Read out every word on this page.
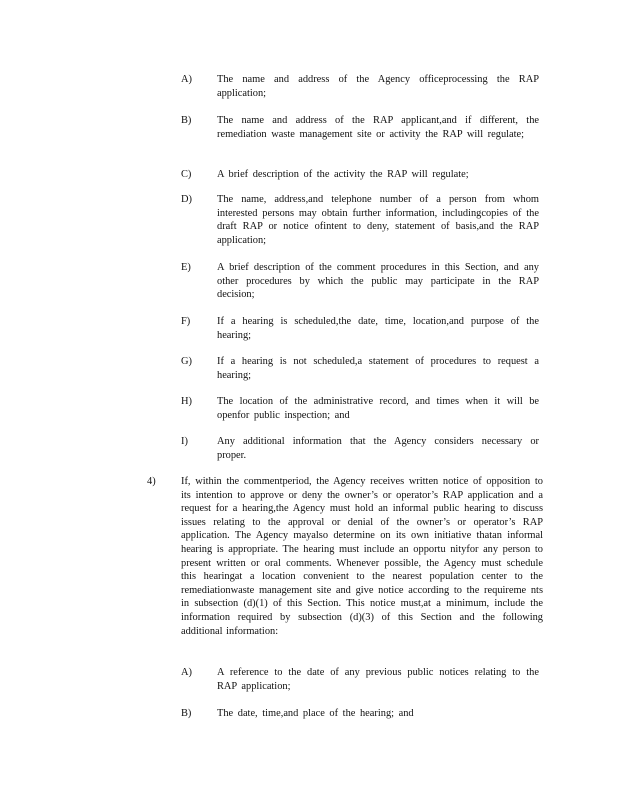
A)	The name and address of the Agency officeprocessing the RAP application;
B)	The name and address of the RAP applicant,and if different, the remediation waste management site or activity the RAP will regulate;
C)	A brief description of the activity the RAP will regulate;
D)	The name, address,and telephone number of a person from whom interested persons may obtain further information, includingcopies of the draft RAP or notice ofintent to deny, statement of basis,and the RAP application;
E)	A brief description of the comment procedures in this Section, and any other procedures by which the public may participate in the RAP decision;
F)	If a hearing is scheduled,the date, time, location,and purpose of the hearing;
G)	If a hearing is not scheduled,a statement of procedures to request a hearing;
H)	The location of the administrative record, and times when it will be openfor public inspection; and
I)	Any additional information that the Agency considers necessary or proper.
4)	If, within the commentperiod, the Agency receives written notice of opposition to its intention to approve or deny the owner’s or operator’s RAP application and a request for a hearing,the Agency must hold an informal public hearing to discuss issues relating to the approval or denial of the owner’s or operator’s RAP application. The Agency mayalso determine on its own initiative thatan informal hearing is appropriate. The hearing must include an opportu nityfor any person to present written or oral comments. Whenever possible, the Agency must schedule this hearingat a location convenient to the nearest population center to the remediationwaste management site and give notice according to the requireme nts in subsection (d)(1) of this Section. This notice must,at a minimum, include the information required by subsection (d)(3) of this Section and the following additional information:
A)	A reference to the date of any previous public notices relating to the RAP application;
B)	The date, time,and place of the hearing; and
